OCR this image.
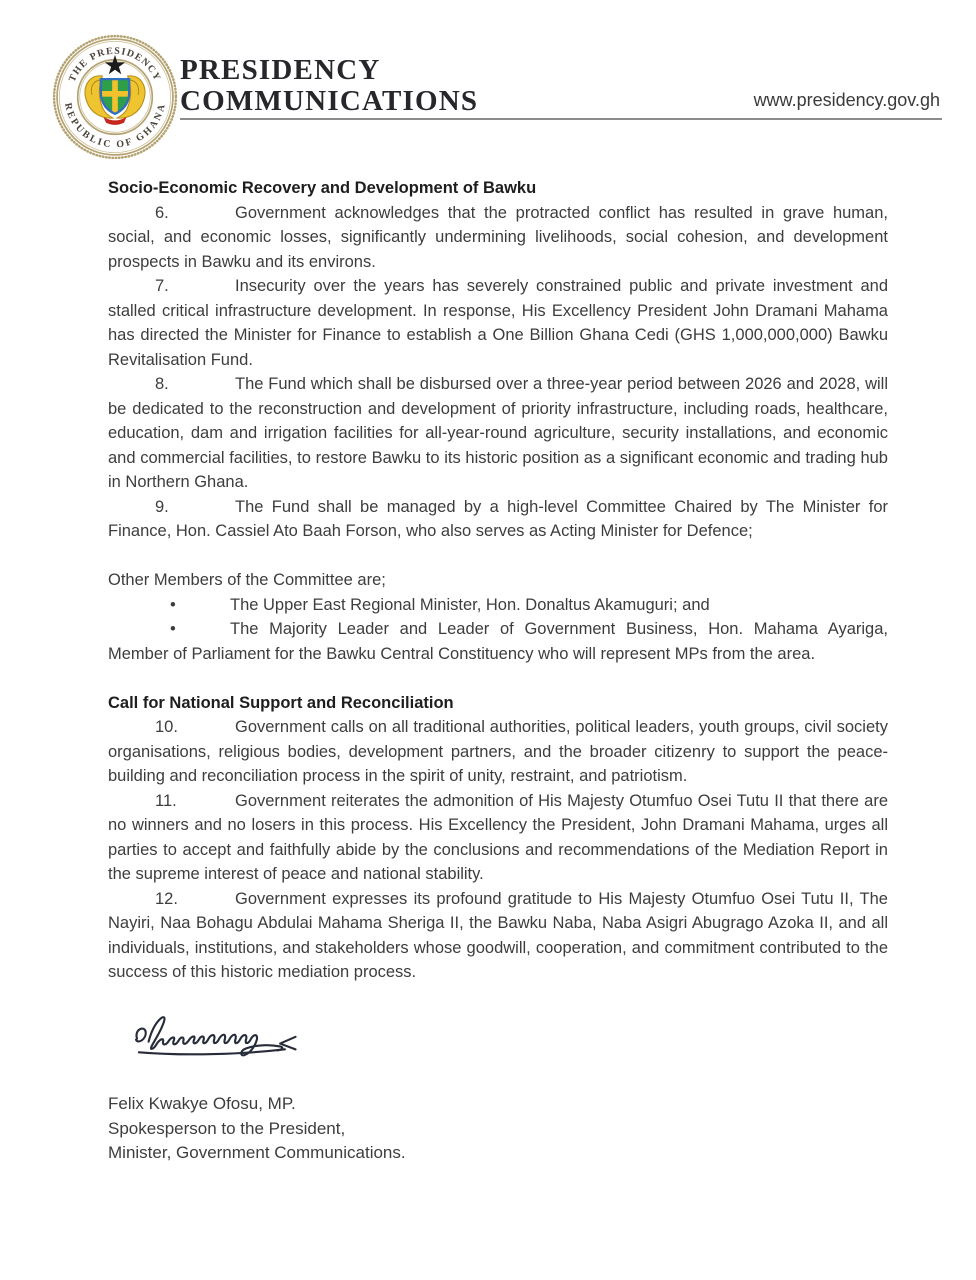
THE PRESIDENCY
REPUBLIC OF GHANA
PRESIDENCY
COMMUNICATIONS	www.presidency.gov.gh
Socio-Economic Recovery and Development of Bawku

6.	Government acknowledges that the protracted conflict has resulted in grave human, social, and economic losses, significantly undermining livelihoods, social cohesion, and development prospects in Bawku and its environs.

7.	Insecurity over the years has severely constrained public and private investment and stalled critical infrastructure development. In response, His Excellency President John Dramani Mahama has directed the Minister for Finance to establish a One Billion Ghana Cedi (GHS 1,000,000,000) Bawku Revitalisation Fund.

8.	The Fund which shall be disbursed over a three-year period between 2026 and 2028, will be dedicated to the reconstruction and development of priority infrastructure, including roads, healthcare, education, dam and irrigation facilities for all-year-round agriculture, security installations, and economic and commercial facilities, to restore Bawku to its historic position as a significant economic and trading hub in Northern Ghana.

9.	The Fund shall be managed by a high-level Committee Chaired by The Minister for Finance, Hon. Cassiel Ato Baah Forson, who also serves as Acting Minister for Defence;

Other Members of the Committee are;

•	The Upper East Regional Minister, Hon. Donaltus Akamuguri; and

•	The Majority Leader and Leader of Government Business, Hon. Mahama Ayariga, Member of Parliament for the Bawku Central Constituency who will represent MPs from the area.

Call for National Support and Reconciliation

10.	Government calls on all traditional authorities, political leaders, youth groups, civil society organisations, religious bodies, development partners, and the broader citizenry to support the peace-building and reconciliation process in the spirit of unity, restraint, and patriotism.

11.	Government reiterates the admonition of His Majesty Otumfuo Osei Tutu II that there are no winners and no losers in this process. His Excellency the President, John Dramani Mahama, urges all parties to accept and faithfully abide by the conclusions and recommendations of the Mediation Report in the supreme interest of peace and national stability.

12.	Government expresses its profound gratitude to His Majesty Otumfuo Osei Tutu II, The Nayiri, Naa Bohagu Abdulai Mahama Sheriga II, the Bawku Naba, Naba Asigri Abugrago Azoka II, and all individuals, institutions, and stakeholders whose goodwill, cooperation, and commitment contributed to the success of this historic mediation process.

Felix Kwakye Ofosu, MP.
Spokesperson to the President,
Minister, Government Communications.
